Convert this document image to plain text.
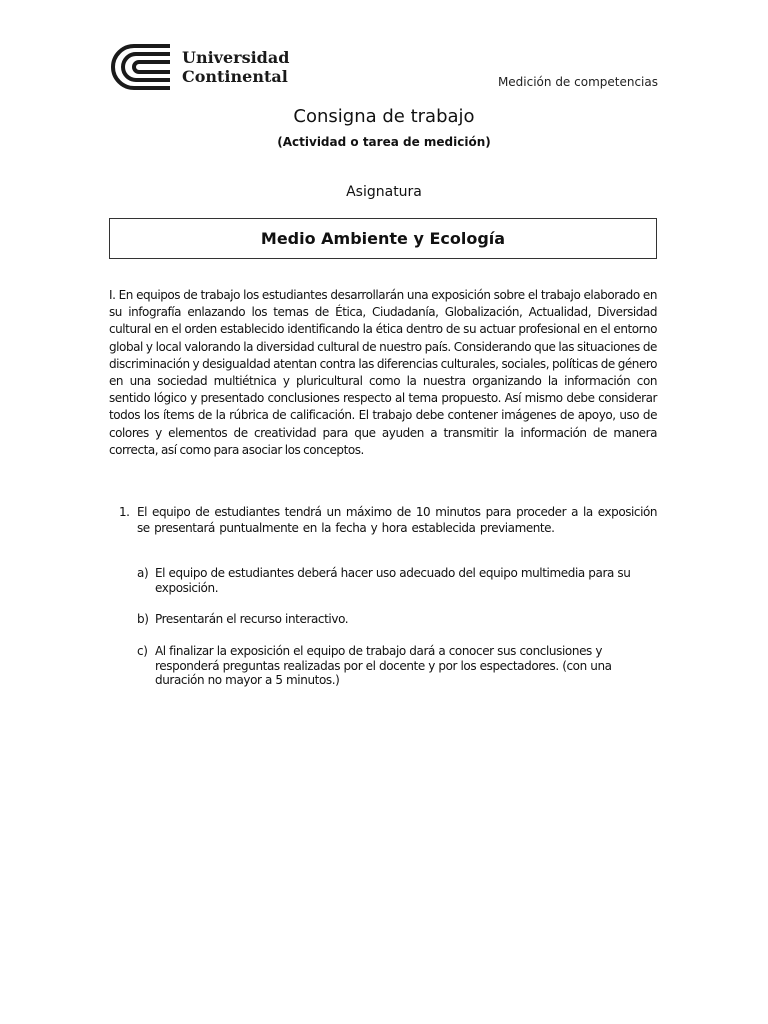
Universidad
Continental	Medición de competencias
Consigna de trabajo
(Actividad o tarea de medición)
Asignatura
Medio Ambiente y Ecología
I. En equipos de trabajo los estudiantes desarrollarán una exposición sobre el trabajo elaborado en su infografía enlazando los temas de Ética, Ciudadanía, Globalización, Actualidad, Diversidad cultural en el orden establecido identificando la ética dentro de su actuar profesional en el entorno global y local valorando la diversidad cultural de nuestro país. Considerando que las situaciones de discriminación y desigualdad atentan contra las diferencias culturales, sociales, políticas de género en una sociedad multiétnica y pluricultural como la nuestra organizando la información con sentido lógico y presentado conclusiones respecto al tema propuesto. Así mismo debe considerar todos los ítems de la rúbrica de calificación. El trabajo debe contener imágenes de apoyo, uso de colores y elementos de creatividad para que ayuden a transmitir la información de manera correcta, así como para asociar los conceptos.
1. El equipo de estudiantes tendrá un máximo de 10 minutos para proceder a la exposición se presentará puntualmente en la fecha y hora establecida previamente.
a) El equipo de estudiantes deberá hacer uso adecuado del equipo multimedia para su exposición.
b) Presentarán el recurso interactivo.
c) Al finalizar la exposición el equipo de trabajo dará a conocer sus conclusiones y responderá preguntas realizadas por el docente y por los espectadores. (con una duración no mayor a 5 minutos.)
